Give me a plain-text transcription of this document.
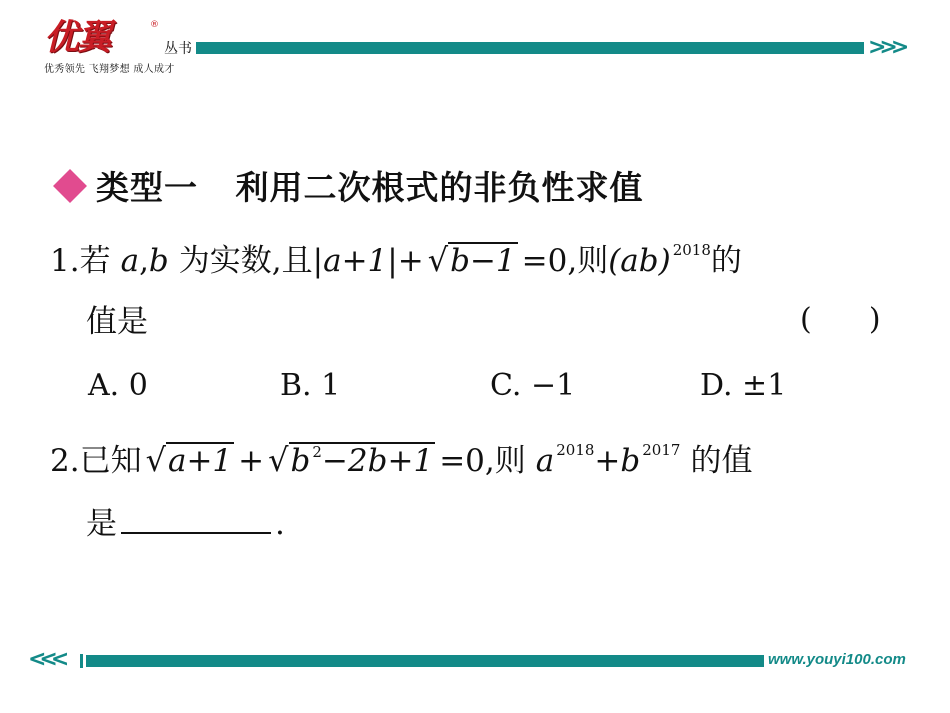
优翼	®
丛书
优秀领先 飞翔梦想 成人成才
>>>
类型一   利用二次根式的非负性求值
1. 若 a , b 为实数,且 |a+1| + √ b−1 =0,则 (ab) 2018 的
值是	(      )
A. 0	B. 1	C. −1	D. ±1
2. 已知 √ a+1 + √ b $^2$−2b+1 =0,则 a 2018 + b 2017 的值
是	.
<<<	www.youyi100.com
